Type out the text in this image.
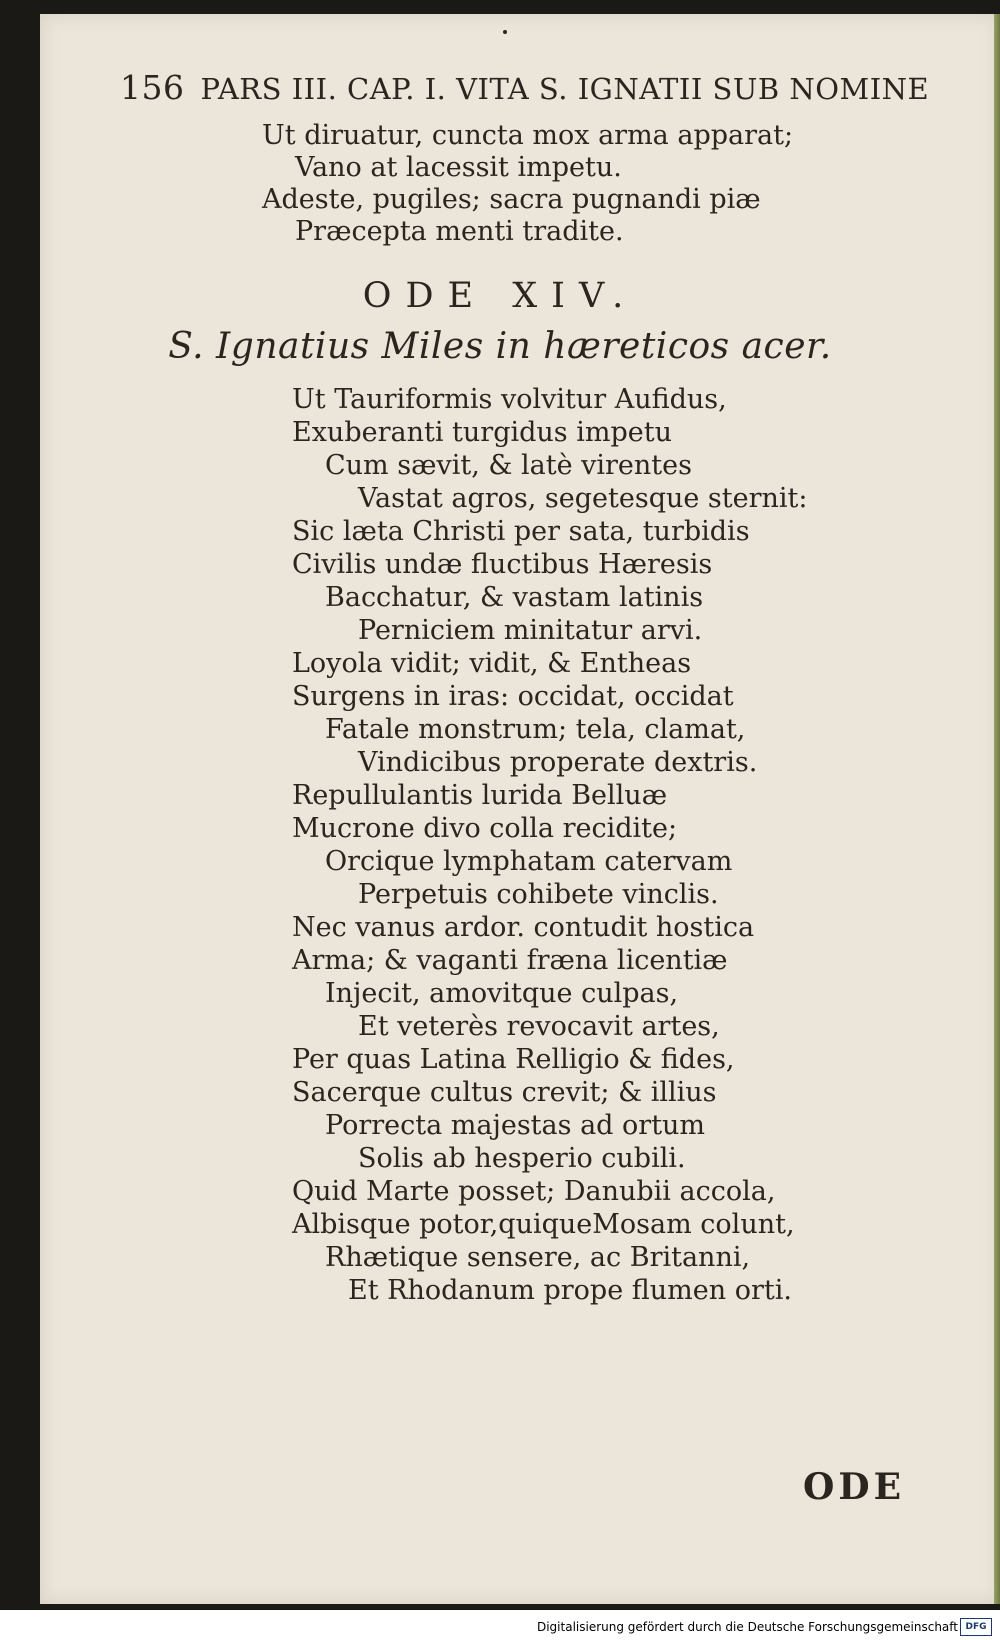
156 PARS III. CAP. I. VITA S. IGNATII SUB NOMINE
Ut diruatur, cuncta mox arma apparat;
Vano at lacessit impetu.
Adeste, pugiles; sacra pugnandi piæ
Præcepta menti tradite.
ODE XIV.
S. Ignatius Miles in hæreticos acer.
Ut Tauriformis volvitur Aufidus,
Exuberanti turgidus impetu
Cum sævit, & latè virentes
Vastat agros, segetesque sternit:
Sic læta Christi per sata, turbidis
Civilis undæ fluctibus Hæresis
Bacchatur, & vastam latinis
Perniciem minitatur arvi.
Loyola vidit; vidit, & Entheas
Surgens in iras: occidat, occidat
Fatale monstrum; tela, clamat,
Vindicibus properate dextris.
Repullulantis lurida Belluæ
Mucrone divo colla recidite;
Orcique lymphatam catervam
Perpetuis cohibete vinclis.
Nec vanus ardor. contudit hostica
Arma; & vaganti fræna licentiæ
Injecit, amovitque culpas,
Et veterès revocavit artes,
Per quas Latina Relligio & fides,
Sacerque cultus crevit; & illius
Porrecta majestas ad ortum
Solis ab hesperio cubili.
Quid Marte posset; Danubii accola,
Albisque potor,quiqueMosam colunt,
Rhætique sensere, ac Britanni,
Et Rhodanum prope flumen orti.
ODE
Digitalisierung gefördert durch die Deutsche Forschungsgemeinschaft DFG
